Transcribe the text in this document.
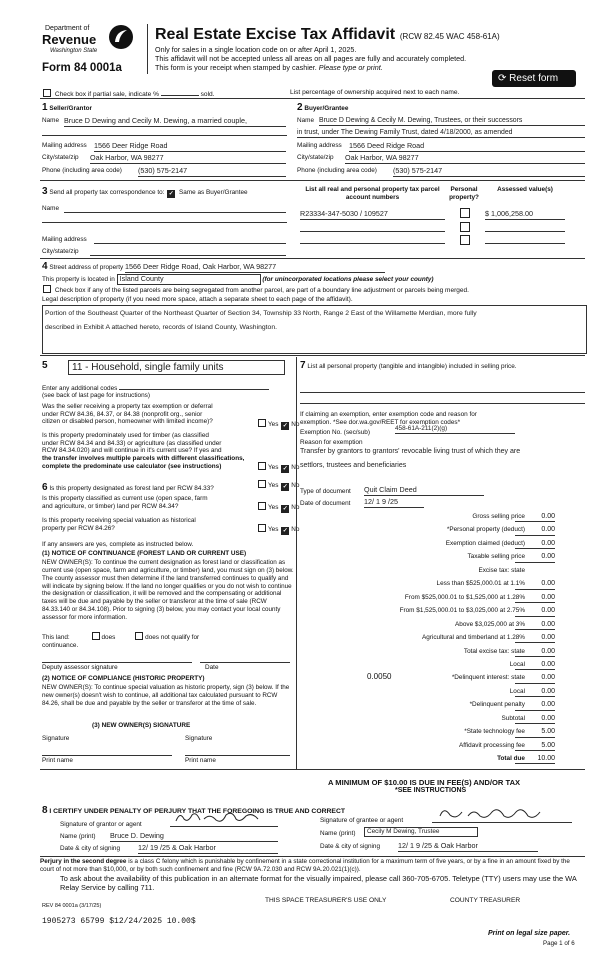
Department of
Revenue
Washington State
Form 84 0001a
Real Estate Excise Tax Affidavit (RCW 82.45 WAC 458-61A)
Only for sales in a single location code on or after April 1, 2025.
This affidavit will not be accepted unless all areas on all pages are fully and accurately completed.
This form is your receipt when stamped by cashier. Please type or print.
⟳ Reset form
Check box if partial sale, indicate %	sold.	List percentage of ownership acquired next to each name.
1 Seller/Grantor
Name Bruce D Dewing and Cecily M. Dewing, a married couple,
Mailing address 1566 Deer Ridge Road
City/state/zip Oak Harbor, WA 98277
Phone (including area code) (530) 575-2147
2 Buyer/Grantee
Name Bruce D Dewing & Cecily M. Dewing, Trustees, or their successors
in trust, under The Dewing Family Trust, dated 4/18/2000, as amended
Mailing address 1566 Deed Ridge Road
City/state/zip Oak Harbor, WA 98277
Phone (including area code) (530) 575-2147
3 Send all property tax correspondence to: ✓ Same as Buyer/Grantee
Name
Mailing address
City/state/zip
List all real and personal property tax parcel account numbers
Personal property?
Assessed value(s)
R23334-347-5030 / 109527	$ 1,006,258.00
4 Street address of property 1566 Deer Ridge Road, Oak Harbor, WA 98277
This property is located in Island County	(for unincorporated locations please select your county)
Check box if any of the listed parcels are being segregated from another parcel, are part of a boundary line adjustment or parcels being merged.
Legal description of property (if you need more space, attach a separate sheet to each page of the affidavit).
Portion of the Southeast Quarter of the Northeast Quarter of Section 34, Township 33 North, Range 2 East of the Willamette Merdian, more fully
described in Exhibit A attached hereto, records of Island County, Washington.
5	11 - Household, single family units
Enter any additional codes
(see back of last page for instructions)
Was the seller receiving a property tax exemption or deferral
under RCW 84.36, 84.37, or 84.38 (nonprofit org., senior
citizen or disabled person, homeowner with limited income)?	Yes ✓ No
Is this property predominately used for timber (as classified
under RCW 84.34 and 84.33) or agriculture (as classified under
RCW 84.34.020) and will continue in it's current use? If yes and
the transfer involves multiple parcels with different classifications,
complete the predominate use calculator (see instructions)	Yes ✓ No
6 Is this property designated as forest land per RCW 84.33?	Yes ✓ No
Is this property classified as current use (open space, farm
and agriculture, or timber) land per RCW 84.34?	Yes ✓ No
Is this property receiving special valuation as historical
property per RCW 84.26?	Yes ✓ No
If any answers are yes, complete as instructed below.
(1) NOTICE OF CONTINUANCE (FOREST LAND OR CURRENT USE)
NEW OWNER(S): To continue the current designation as forest land or classification as current use (open space, farm and agriculture, or timber) land, you must sign on (3) below. The county assessor must then determine if the land transferred continues to qualify and will indicate by signing below. If the land no longer qualifies or you do not wish to continue the designation or classification, it will be removed and the compensating or additional taxes will be due and payable by the seller or transferor at the time of sale (RCW 84.33.140 or 84.34.108). Prior to signing (3) below, you may contact your local county assessor for more information.
This land:	does	does not qualify for
continuance.
Deputy assessor signature	Date
(2) NOTICE OF COMPLIANCE (HISTORIC PROPERTY)
NEW OWNER(S): To continue special valuation as historic property, sign (3) below. If the new owner(s) doesn't wish to continue, all additional tax calculated pursuant to RCW 84.26, shall be due and payable by the seller or transferor at the time of sale.
(3) NEW OWNER(S) SIGNATURE
Signature	Signature
Print name	Print name
7 List all personal property (tangible and intangible) included in selling price.
If claiming an exemption, enter exemption code and reason for
exemption. *See dor.wa.gov/REET for exemption codes*
Exemption No. (sec/sub)
458-61A-211(2)(g)
Reason for exemption
Transfer by grantors to grantors' revocable living trust of which they are
settlors, trustees and beneficiaries
Type of document Quit Claim Deed
Date of document 12/ 1 9 /25
Gross selling price	0.00
*Personal property (deduct)	0.00
Exemption claimed (deduct)	0.00
Taxable selling price	0.00
Excise tax: state
Less than $525,000.01 at 1.1%	0.00
From $525,000.01 to $1,525,000 at 1.28%	0.00
From $1,525,000.01 to $3,025,000 at 2.75%	0.00
Above $3,025,000 at 3%	0.00
Agricultural and timberland at 1.28%	0.00
Total excise tax: state	0.00
Local	0.00
*Delinquent interest: state	0.00
Local	0.00
*Delinquent penalty	0.00
Subtotal	0.00
*State technology fee	5.00
Affidavit processing fee	5.00
Total due	10.00
0.0050
A MINIMUM OF $10.00 IS DUE IN FEE(S) AND/OR TAX
*SEE INSTRUCTIONS
8 I CERTIFY UNDER PENALTY OF PERJURY THAT THE FOREGOING IS TRUE AND CORRECT
Signature of grantor or agent
Name (print) Bruce D. Dewing
Date & city of signing 12/ 19 /25 & Oak Harbor
Signature of grantee or agent
Name (print)	Cecily M Dewing, Trustee
Date & city of signing 12/ 1 9 /25 & Oak Harbor
Perjury in the second degree is a class C felony which is punishable by confinement in a state correctional institution for a maximum term of five years, or by a fine in an amount fixed by the court of not more than $10,000, or by both such confinement and fine (RCW 9A.72.030 and RCW 9A.20.021(1)(c)).
To ask about the availability of this publication in an alternate format for the visually impaired, please call 360-705-6705. Teletype (TTY) users may use the WA Relay Service by calling 711.
REV 84 0001a (3/17/25)
THIS SPACE TREASURER'S USE ONLY	COUNTY TREASURER
1905273 65799 $12/24/2025 10.00$
Print on legal size paper.
Page 1 of 6
